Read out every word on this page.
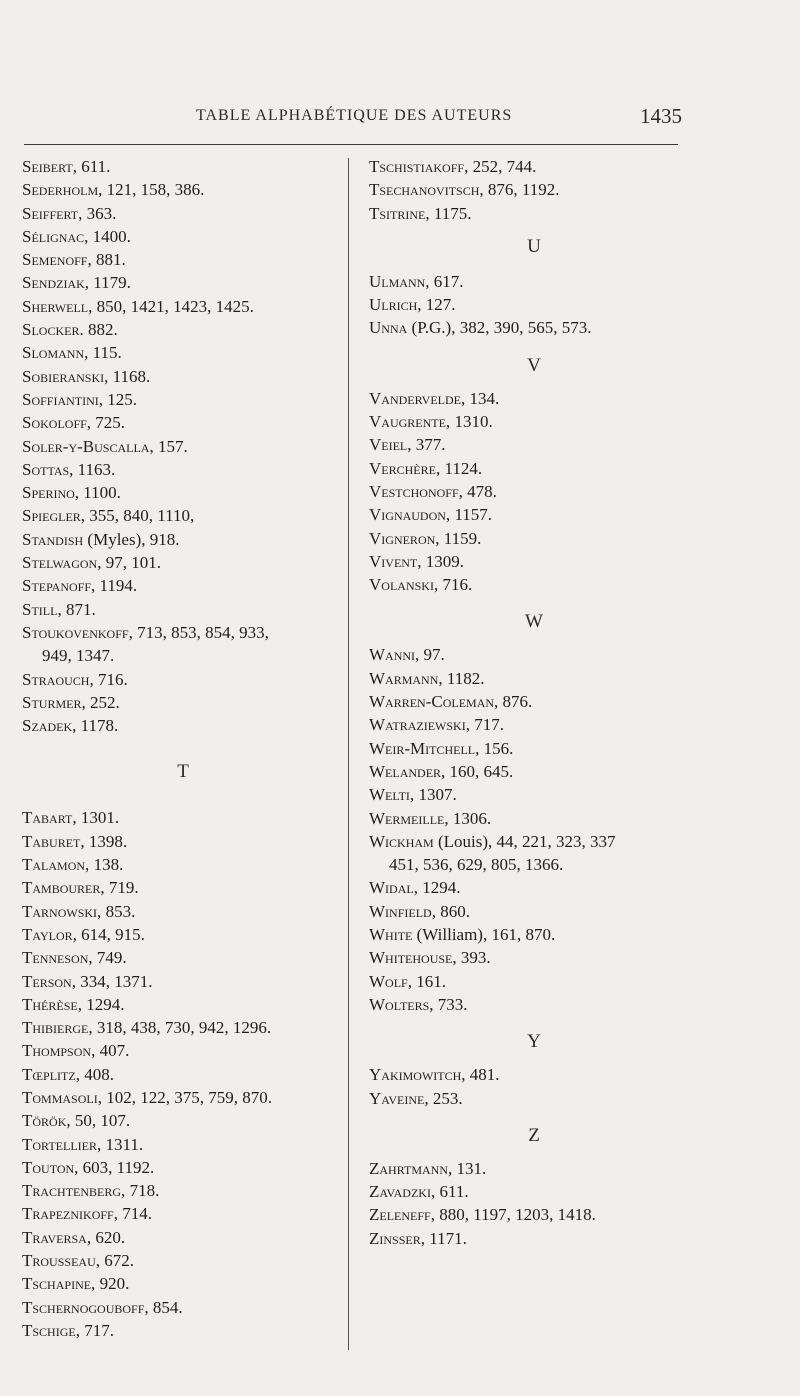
TABLE ALPHABÉTIQUE DES AUTEURS	1435
Seibert, 611.
Sederholm, 121, 158, 386.
Seiffert, 363.
Sélignac, 1400.
Semenoff, 881.
Sendziak, 1179.
Sherwell, 850, 1421, 1423, 1425.
Slocker. 882.
Slomann, 115.
Sobieranski, 1168.
Soffiantini, 125.
Sokoloff, 725.
Soler-y-Buscalla, 157.
Sottas, 1163.
Sperino, 1100.
Spiegler, 355, 840, 1110,
Standish (Myles), 918.
Stelwagon, 97, 101.
Stepanoff, 1194.
Still, 871.
Stoukovenkoff, 713, 853, 854, 933,
949, 1347.
Straouch, 716.
Sturmer, 252.
Szadek, 1178.
T
Tabart, 1301.
Taburet, 1398.
Talamon, 138.
Tambourer, 719.
Tarnowski, 853.
Taylor, 614, 915.
Tenneson, 749.
Terson, 334, 1371.
Thérèse, 1294.
Thibierge, 318, 438, 730, 942, 1296.
Thompson, 407.
Tœplitz, 408.
Tommasoli, 102, 122, 375, 759, 870.
Török, 50, 107.
Tortellier, 1311.
Touton, 603, 1192.
Trachtenberg, 718.
Trapeznikoff, 714.
Traversa, 620.
Trousseau, 672.
Tschapine, 920.
Tschernogouboff, 854.
Tschige, 717.
Tschistiakoff, 252, 744.
Tsechanovitsch, 876, 1192.
Tsitrine, 1175.
U
Ulmann, 617.
Ulrich, 127.
Unna (P.G.), 382, 390, 565, 573.
V
Vandervelde, 134.
Vaugrente, 1310.
Veiel, 377.
Verchère, 1124.
Vestchonoff, 478.
Vignaudon, 1157.
Vigneron, 1159.
Vivent, 1309.
Volanski, 716.
W
Wanni, 97.
Warmann, 1182.
Warren-Coleman, 876.
Watraziewski, 717.
Weir-Mitchell, 156.
Welander, 160, 645.
Welti, 1307.
Wermeille, 1306.
Wickham (Louis), 44, 221, 323, 337
451, 536, 629, 805, 1366.
Widal, 1294.
Winfield, 860.
White (William), 161, 870.
Whitehouse, 393.
Wolf, 161.
Wolters, 733.
Y
Yakimowitch, 481.
Yaveine, 253.
Z
Zahrtmann, 131.
Zavadzki, 611.
Zeleneff, 880, 1197, 1203, 1418.
Zinsser, 1171.
